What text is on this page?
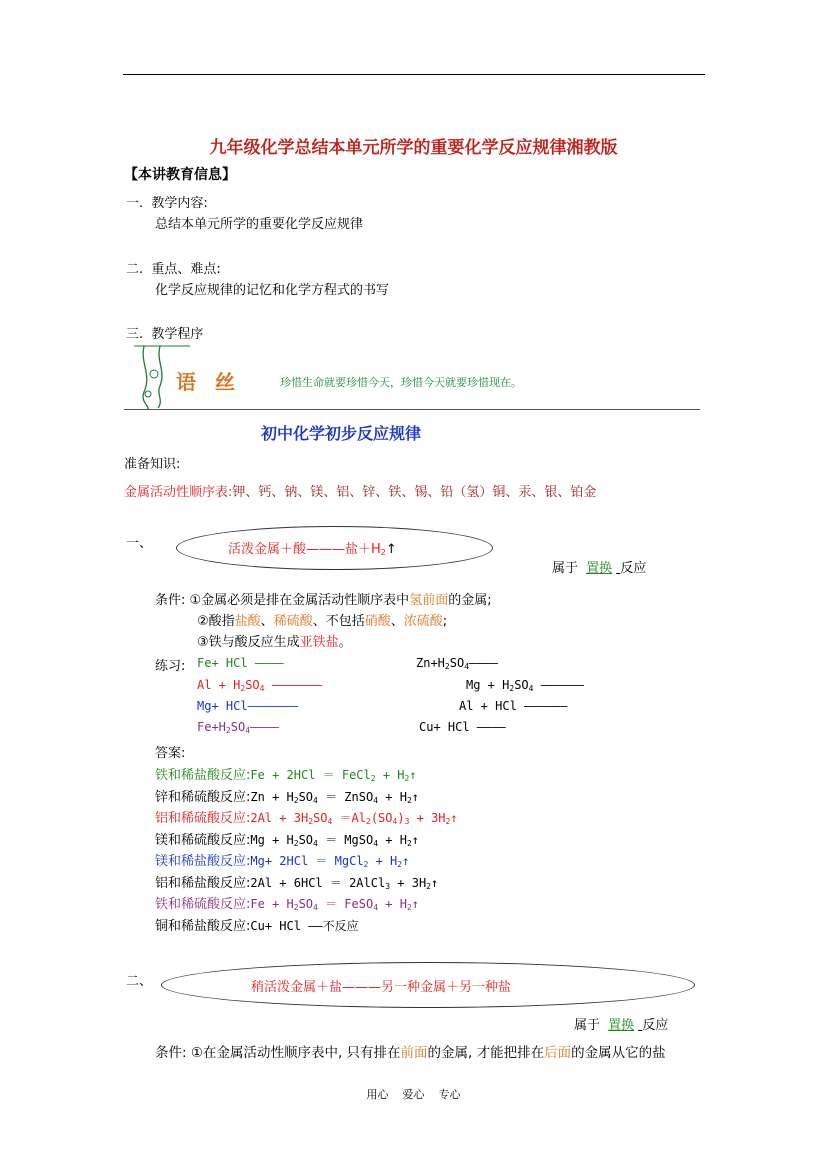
九年级化学总结本单元所学的重要化学反应规律湘教版
【本讲教育信息】
一. 教学内容:
总结本单元所学的重要化学反应规律
二. 重点、难点:
化学反应规律的记忆和化学方程式的书写
三. 教学程序
语 丝	珍惜生命就要珍惜今天，珍惜今天就要珍惜现在。
初中化学初步反应规律
准备知识:
金属活动性顺序表:钾、钙、钠、镁、铝、锌、铁、锡、铅（氢）铜、汞、银、铂金
一、	活泼金属＋酸———盐$+H_2↑$
属于 置换 反应
条件: ①金属必须是排在金属活动性顺序表中氢前面的金属;
②酸指盐酸、稀硫酸、不包括硝酸、浓硫酸;
③铁与酸反应生成亚铁盐。
练习: Fe+ HCl ————	$Zn+H_2SO_4————$
$Al + H_2SO_4$ ———————	$Mg + H_2SO_4$ ——————
Mg+ HCl———————	Al + HCl ——————
$Fe+H_2SO_4————$	Cu+ HCl ————
答案:
铁和稀盐酸反应:Fe + 2HCl ＝ FeCl$_2$ + $H_2↑$
锌和稀硫酸反应:Zn + $H_2SO_4$ ＝ ZnSO$_4$ + $H_2↑$
铝和稀硫酸反应:2Al + $3H_2SO_4 =Al_2(SO_4)_3$ + $3H_2↑$
镁和稀硫酸反应:Mg + $H_2SO_4$ ＝ MgSO$_4$ + $H_2↑$
镁和稀盐酸反应:Mg+ 2HCl ＝ MgCl$_2$ + $H_2↑$
铝和稀盐酸反应:2Al + 6HCl ＝ 2AlCl$_3$ + $3H_2↑$
铁和稀硫酸反应:Fe + $H_2SO_4$ ＝ FeSO$_4$ + $H_2↑$
铜和稀盐酸反应:Cu+ HCl ——不反应
二、	稍活泼金属＋盐———另一种金属＋另一种盐
属于 置换 反应
条件: ①在金属活动性顺序表中, 只有排在前面的金属, 才能把排在后面的金属从它的盐
用心    爱心    专心
